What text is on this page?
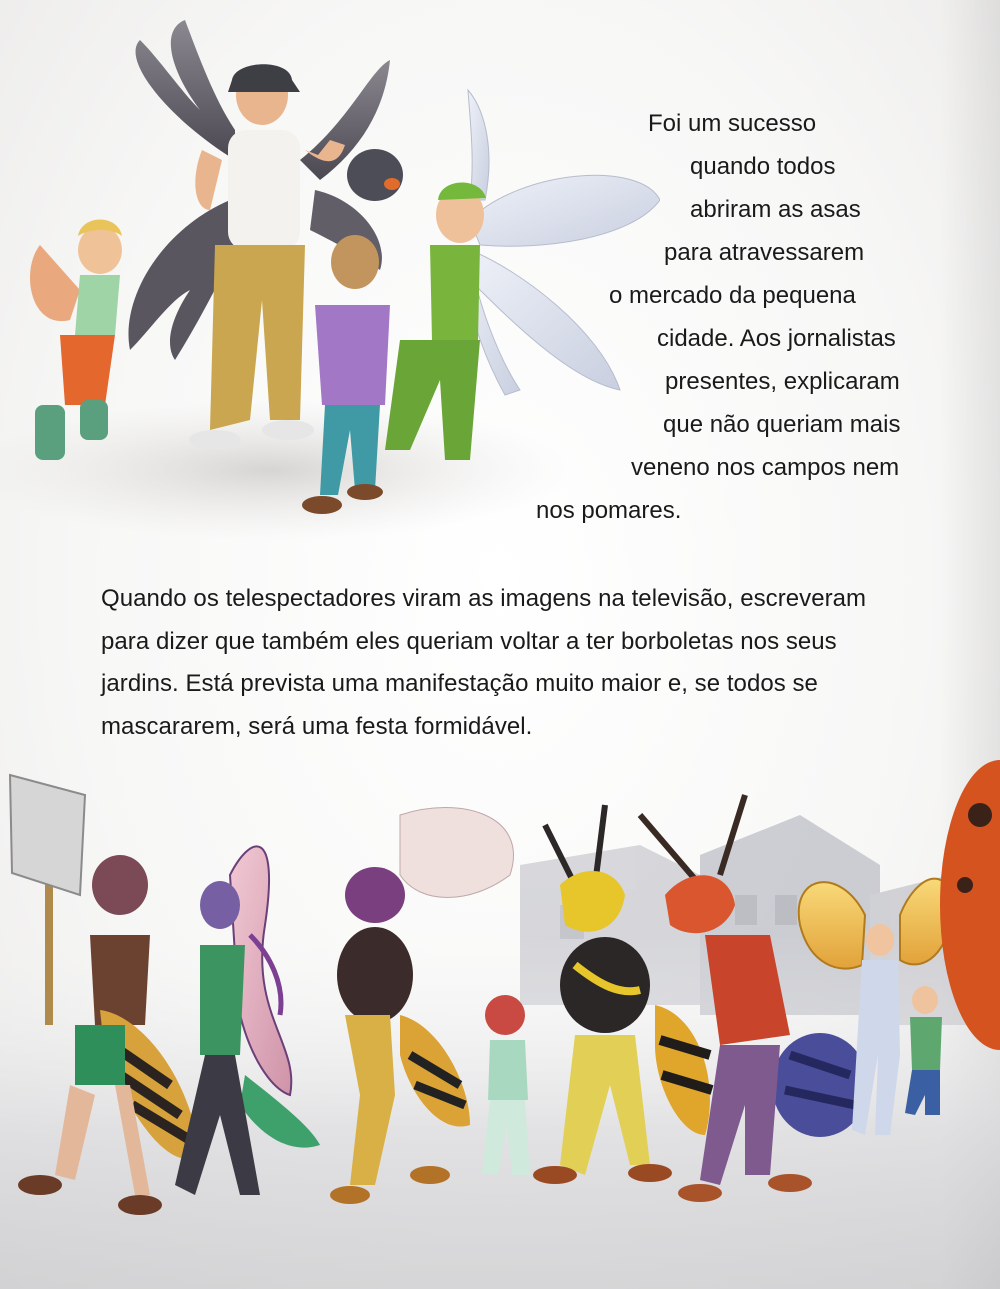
Foi um sucesso
quando todos
abriram as asas
para atravessarem
o mercado da pequena
cidade. Aos jornalistas
presentes, explicaram
que não queriam mais
veneno nos campos nem
nos pomares.
Quando os telespectadores viram as imagens na televisão, escreveram
para dizer que também eles queriam voltar a ter borboletas nos seus
jardins. Está prevista uma manifestação muito maior e, se todos se
mascararem, será uma festa formidável.
